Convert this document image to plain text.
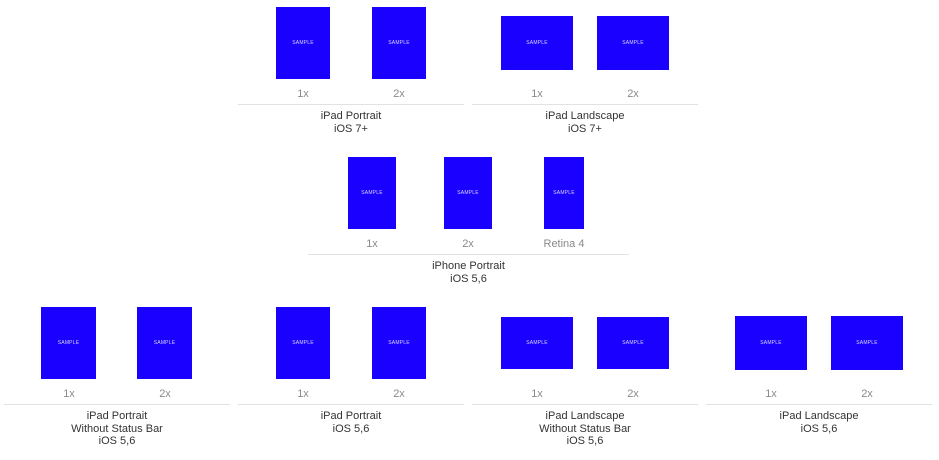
SAMPLE
1x
SAMPLE
2x
iPad Portrait
iOS 7+
SAMPLE
1x
SAMPLE
2x
iPad Landscape
iOS 7+
SAMPLE
1x
SAMPLE
2x
SAMPLE
Retina 4
iPhone Portrait
iOS 5,6
SAMPLE
1x
SAMPLE
2x
iPad Portrait
Without Status Bar
iOS 5,6
SAMPLE
1x
SAMPLE
2x
iPad Portrait
iOS 5,6
SAMPLE
1x
SAMPLE
2x
iPad Landscape
Without Status Bar
iOS 5,6
SAMPLE
1x
SAMPLE
2x
iPad Landscape
iOS 5,6
